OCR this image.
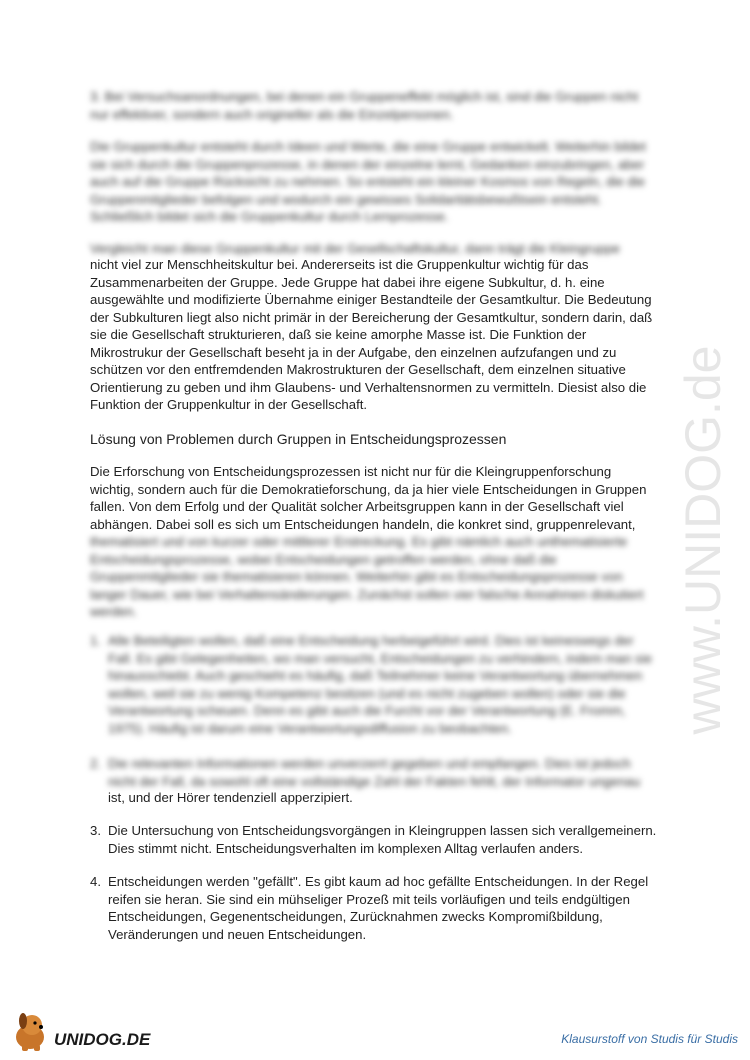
3. Bei Versuchsanordnungen, bei denen ein Gruppeneffekt möglich ist, sind die Gruppen nicht nur effektiver, sondern auch origineller als die Einzelpersonen.
Die Gruppenkultur entsteht durch Ideen und Werte, die eine Gruppe entwickelt. Weiterhin bildet sie sich durch die Gruppenprozesse, in denen der einzelne lernt, Gedanken einzubringen, aber auch auf die Gruppe Rücksicht zu nehmen. So entsteht ein kleiner Kosmos von Regeln, die die Gruppenmitglieder befolgen und wodurch ein gewisses Solidaritätsbewußtsein entsteht. Schließlich bildet sich die Gruppenkultur durch Lernprozesse.
Vergleicht man diese Gruppenkultur mit der Gesellschaftskultur, dann trägt die Kleingruppe
nicht viel zur Menschheitskultur bei. Andererseits ist die Gruppenkultur wichtig für das Zusammenarbeiten der Gruppe. Jede Gruppe hat dabei ihre eigene Subkultur, d. h. eine ausgewählte und modifizierte Übernahme einiger Bestandteile der Gesamtkultur. Die Bedeutung der Subkulturen liegt also nicht primär in der Bereicherung der Gesamtkultur, sondern darin, daß sie die Gesellschaft strukturieren, daß sie keine amorphe Masse ist. Die Funktion der Mikrostrukur der Gesellschaft beseht ja in der Aufgabe, den einzelnen aufzufangen und zu schützen vor den entfremdenden Makrostrukturen der Gesellschaft, dem einzelnen situative Orientierung zu geben und ihm Glaubens- und Verhaltensnormen zu vermitteln. Diesist also die Funktion der Gruppenkultur in der Gesellschaft.
Lösung von Problemen durch Gruppen in Entscheidungsprozessen
Die Erforschung von Entscheidungsprozessen ist nicht nur für die Kleingruppenforschung wichtig, sondern auch für die Demokratieforschung, da ja hier viele Entscheidungen in Gruppen fallen. Von dem Erfolg und der Qualität solcher Arbeitsgruppen kann in der Gesellschaft viel abhängen. Dabei soll es sich um Entscheidungen handeln, die konkret sind, gruppenrelevant,
thematisiert und von kurzer oder mittlerer Erstreckung. Es gibt nämlich auch unthematisierte Entscheidungsprozesse, wobei Entscheidungen getroffen werden, ohne daß die Gruppenmitglieder sie thematisieren können. Weiterhin gibt es Entscheidungsprozesse von langer Dauer, wie bei Verhaltensänderungen. Zunächst sollen vier falsche Annahmen diskutiert werden.
1. Alle Beteiligten wollen, daß eine Entscheidung herbeigeführt wird. Dies ist keineswegs der Fall. Es gibt Gelegenheiten, wo man versucht, Entscheidungen zu verhindern, indem man sie hinausschiebt. Auch geschieht es häufig, daß Teilnehmer keine Verantwortung übernehmen wollen, weil sie zu wenig Kompetenz besitzen (und es nicht zugeben wollen) oder sie die Verantwortung scheuen. Denn es gibt auch die Furcht vor der Verantwortung (E. Fromm, 1975). Häufig ist darum eine Verantwortungsdiffusion zu beobachten.
2. Die relevanten Informationen werden unverzerrt gegeben und empfangen. Dies ist jedoch nicht der Fall, da sowohl oft eine vollständige Zahl der Fakten fehlt, der Informator ungenau
ist, und der Hörer tendenziell apperzipiert.
3. Die Untersuchung von Entscheidungsvorgängen in Kleingruppen lassen sich verallgemeinern. Dies stimmt nicht. Entscheidungsverhalten im komplexen Alltag verlaufen anders.
4. Entscheidungen werden "gefällt". Es gibt kaum ad hoc gefällte Entscheidungen. In der Regel reifen sie heran. Sie sind ein mühseliger Prozeß mit teils vorläufigen und teils endgültigen Entscheidungen, Gegenentscheidungen, Zurücknahmen zwecks Kompromißbildung, Veränderungen und neuen Entscheidungen.
www.UNIDOG.de
UNIDOG.DE	Klausurstoff von Studis für Studis
